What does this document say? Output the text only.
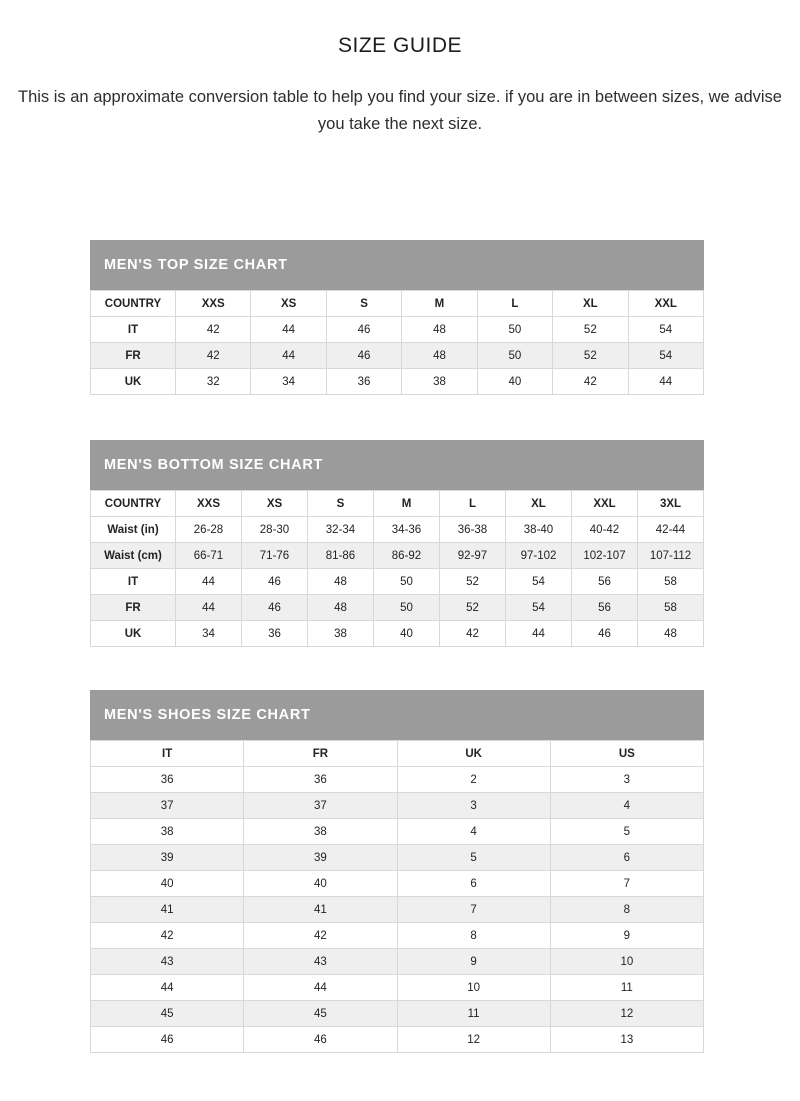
SIZE GUIDE

This is an approximate conversion table to help you find your size. if you are in between sizes, we advise you take the next size.

MEN'S TOP SIZE CHART
COUNTRY	XXS	XS	S	M	L	XL	XXL
IT	42	44	46	48	50	52	54
FR	42	44	46	48	50	52	54
UK	32	34	36	38	40	42	44
MEN'S BOTTOM SIZE CHART
COUNTRY	XXS	XS	S	M	L	XL	XXL	3XL
Waist (in)	26-28	28-30	32-34	34-36	36-38	38-40	40-42	42-44
Waist (cm)	66-71	71-76	81-86	86-92	92-97	97-102	102-107	107-112
IT	44	46	48	50	52	54	56	58
FR	44	46	48	50	52	54	56	58
UK	34	36	38	40	42	44	46	48
MEN'S SHOES SIZE CHART
IT	FR	UK	US
36	36	2	3
37	37	3	4
38	38	4	5
39	39	5	6
40	40	6	7
41	41	7	8
42	42	8	9
43	43	9	10
44	44	10	11
45	45	11	12
46	46	12	13
